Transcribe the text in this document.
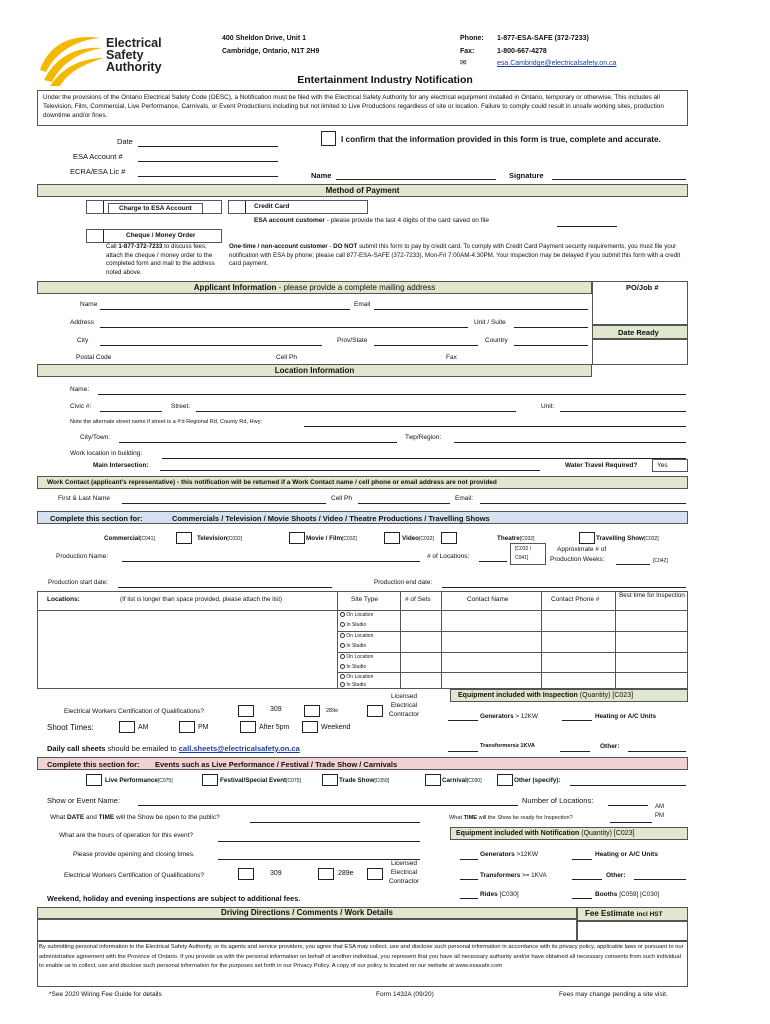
Electrical
Safety
Authority
400 Sheldon Drive, Unit 1
Cambridge, Ontario, N1T 2H9
Phone: 1-877-ESA-SAFE (372-7233)
Fax:	1-800-667-4278
✉	esa.Cambridge@electricalsafety.on.ca
Entertainment Industry Notification
Under the provisions of the Ontario Electrical Safety Code (OESC), a Notification must be filed with the Electrical Safety Authority for any electrical equipment installed in Ontario, temporary or otherwise. This includes all Television, Film, Commercial, Live Performance, Carnivals, or Event Productions including but not limited to Live Productions regardless of site or location. Failure to comply could result in unsafe working sites, production downtime and/or fines.
Date
ESA Account #
ECRA/ESA Lic #
I confirm that the information provided in this form is true, complete and accurate.
Name	Signature
Method of Payment
Charge to ESA Account	Credit Card
ESA account customer - please provide the last 4 digits of the card saved on file
Cheque / Money Order
Call 1-877-372-7233 to discuss fees; attach the cheque / money order to the completed form and mail to the address noted above.
One-time / non-account customer - DO NOT submit this form to pay by credit card. To comply with Credit Card Payment security requirements, you must file your notification with ESA by phone; please call 877-ESA-SAFE (372-7233), Mon-Fri 7:00AM-4:30PM. Your inspection may be delayed if you submit this form with a credit card payment.
Applicant Information - please provide a complete mailing address	PO/Job #
Name	Email
Address	Unit / Suite
Date Ready
City	Prov/State	Country
Postal Code	Cell Ph	Fax
Location Information
Name:
Civic #:	Street:	Unit:
Note the alternate street name if street is a #'d Regional Rd, County Rd, Hwy:
City/Town:	Twp/Region:
Work location in building:
Main Intersection:	Water Travel Required?	Yes
Work Contact (applicant's representative) - this notification will be returned if a Work Contact name / cell phone or email address are not provided
First & Last Name	Cell Ph	Email:
Complete this section for:	Commercials / Television / Movie Shoots / Video / Theatre Productions / Travelling Shows
Commercial[C041]	Television[C032]	Movie / Film[C032]	Video[C032]	Theatre[C032]	Travelling Show[C032]
[C032 /
C041]
Production Name:	# of Locations:
Approximate # of
Production Weeks:	[C042]
Production start date:	Production end date:
Locations:	(If list is longer than space provided, please attach the list)	Site Type	# of Sets	Contact Name	Contact Phone #
Best time for Inspection
On Location
In Studio
On Location
In Studio
On Location
In Studio
On Location
In Studio
Electrical Workers Certification of Qualifications?	309	289e
Licensed Electrical Contractor
Shoot Times:	AM	PM	After 5pm	Weekend
Daily call sheets should be emailed to call.sheets@electricalsafety.on.ca
Equipment included with Inspection (Quantity) [C023]
Generators > 12KW	Heating or A/C Units
Transformers≥ 1KVA	Other:
Complete this section for: Events such as Live Performance / Festival / Trade Show / Carnivals
Live Performance[C075]	Festival/Special Event[C075]	Trade Show[C059]	Carnival[C030]	Other (specify):
Show or Event Name:	Number of Locations:
What DATE and TIME will the Show be open to the public?	What TIME will the Show be ready for Inspection?
AM
PM
What are the hours of operation for this event?	Equipment included with Notification (Quantity) [C023]
Please provide opening and closing times.	Generators >12KW	Heating or A/C Units
Electrical Workers Certification of Qualifications?	309	289e
Licensed Electrical Contractor
Transformers >= 1KVA	Other:
Weekend, holiday and evening inspections are subject to additional fees.	Rides [C030]	Booths [C059] [C030]
Driving Directions / Comments / Work Details	Fee Estimate incl HST
By submitting personal information to the Electrical Safety Authority, or its agents and service providers, you agree that ESA may collect, use and disclose such personal information in accordance with its privacy policy, applicable laws or pursuant to our administrative agreement with the Province of Ontario. If you provide us with the personal information on behalf of another individual, you represent that you have all necessary authority and/or have obtained all necessary consents from such individual to enable us to collect, use and disclose such personal information for the purposes set forth in our Privacy Policy. A copy of our policy is located on our website at www.esasafe.com
*See 2020 Wiring Fee Guide for details	Form 1432A (09/20)	Fees may change pending a site visit.
